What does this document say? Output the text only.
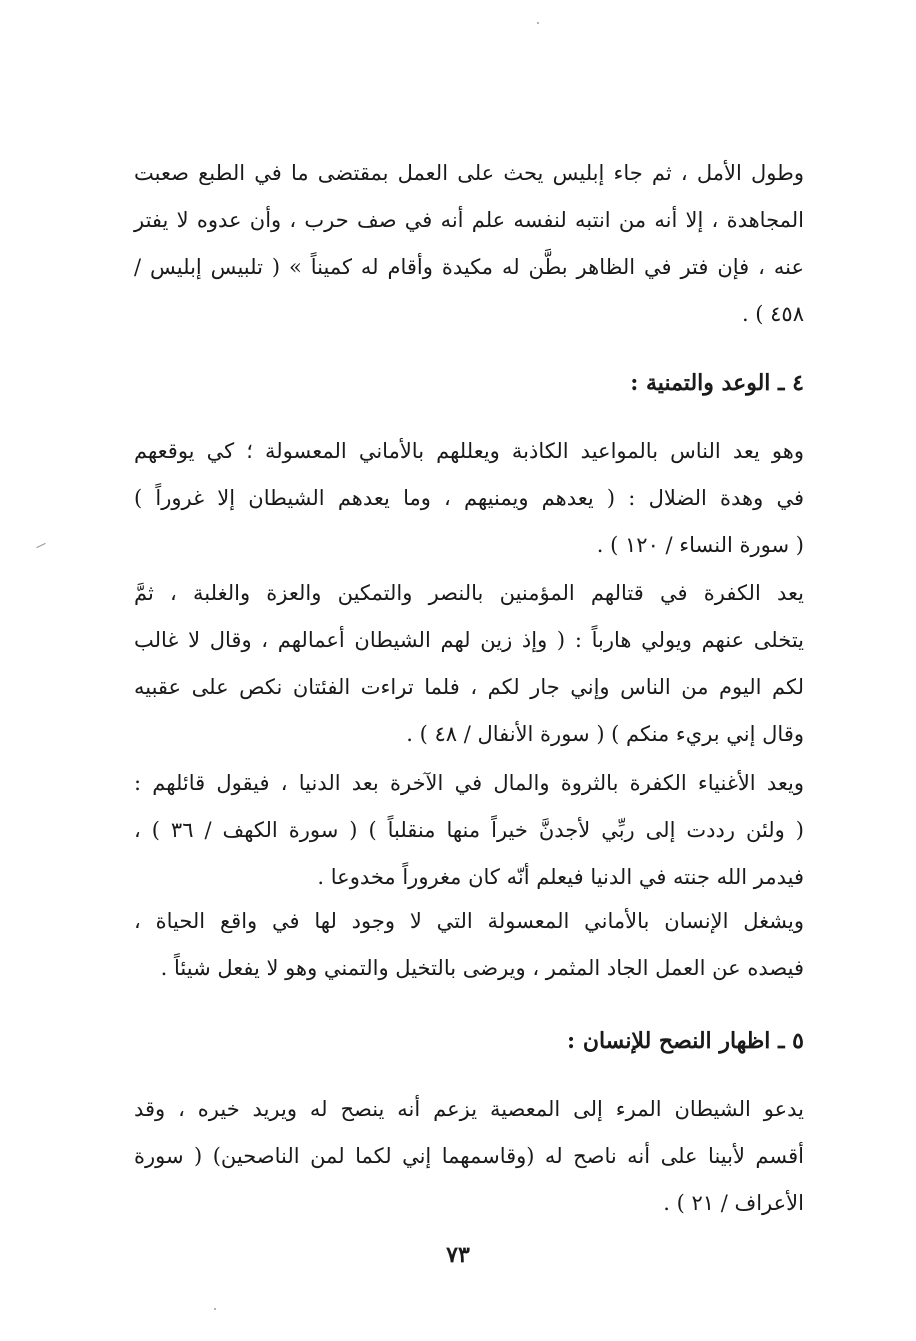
وطول الأمل ، ثم جاء إبليس يحث على العمل بمقتضى ما في الطبع صعبت
المجاهدة ، إلا أنه من انتبه لنفسه علم أنه في صف حرب ، وأن عدوه لا يفتر
عنه ، فإن فتر في الظاهر بطَّن له مكيدة وأقام له كميناً » ( تلبيس إبليس /
٤٥٨ ) .
٤ ـ الوعد والتمنية :
وهو يعد الناس بالمواعيد الكاذبة ويعللهم بالأماني المعسولة ؛ كي يوقعهم
في وهدة الضلال : ( يعدهم ويمنيهم ، وما يعدهم الشيطان إلا غروراً )
( سورة النساء / ١٢٠ ) .
يعد الكفرة في قتالهم المؤمنين بالنصر والتمكين والعزة والغلبة ، ثمَّ
يتخلى عنهم ويولي هارباً : ( وإذ زين لهم الشيطان أعمالهم ، وقال لا غالب
لكم اليوم من الناس وإني جار لكم ، فلما تراءت الفئتان نكص على عقبيه
وقال إني بريء منكم ) ( سورة الأنفال / ٤٨ ) .
ويعد الأغنياء الكفرة بالثروة والمال في الآخرة بعد الدنيا ، فيقول قائلهم :
( ولئن رددت إلى ربِّي لأجدنَّ خيراً منها منقلباً ) ( سورة الكهف / ٣٦ ) ،
فيدمر الله جنته في الدنيا فيعلم أنّه كان مغروراً مخدوعا .
ويشغل الإنسان بالأماني المعسولة التي لا وجود لها في واقع الحياة ،
فيصده عن العمل الجاد المثمر ، ويرضى بالتخيل والتمني وهو لا يفعل شيئاً .
٥ ـ اظهار النصح للإنسان :
يدعو الشيطان المرء إلى المعصية يزعم أنه ينصح له ويريد خيره ، وقد
أقسم لأبينا على أنه ناصح له (وقاسمهما إني لكما لمن الناصحين) ( سورة
الأعراف / ٢١ ) .
٧٣
